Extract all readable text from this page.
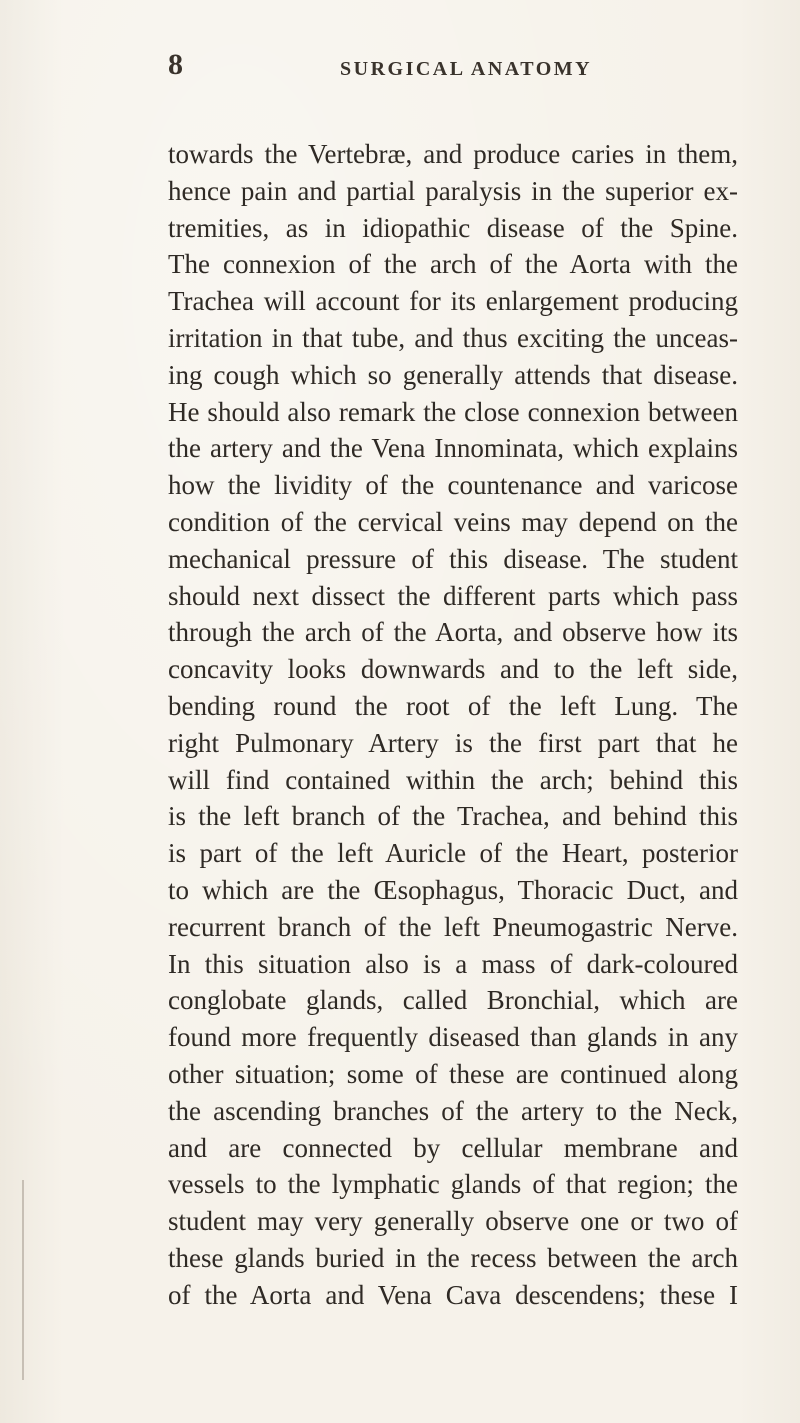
8	SURGICAL ANATOMY
towards the Vertebræ, and produce caries in them,
hence pain and partial paralysis in the superior ex-
tremities, as in idiopathic disease of the Spine.
The connexion of the arch of the Aorta with the
Trachea will account for its enlargement producing
irritation in that tube, and thus exciting the unceas-
ing cough which so generally attends that disease.
He should also remark the close connexion between
the artery and the Vena Innominata, which explains
how the lividity of the countenance and varicose
condition of the cervical veins may depend on the
mechanical pressure of this disease. The student
should next dissect the different parts which pass
through the arch of the Aorta, and observe how its
concavity looks downwards and to the left side,
bending round the root of the left Lung. The
right Pulmonary Artery is the first part that he
will find contained within the arch; behind this
is the left branch of the Trachea, and behind this
is part of the left Auricle of the Heart, posterior
to which are the Œsophagus, Thoracic Duct, and
recurrent branch of the left Pneumogastric Nerve.
In this situation also is a mass of dark-coloured
conglobate glands, called Bronchial, which are
found more frequently diseased than glands in any
other situation; some of these are continued along
the ascending branches of the artery to the Neck,
and are connected by cellular membrane and
vessels to the lymphatic glands of that region; the
student may very generally observe one or two of
these glands buried in the recess between the arch
of the Aorta and Vena Cava descendens; these I
